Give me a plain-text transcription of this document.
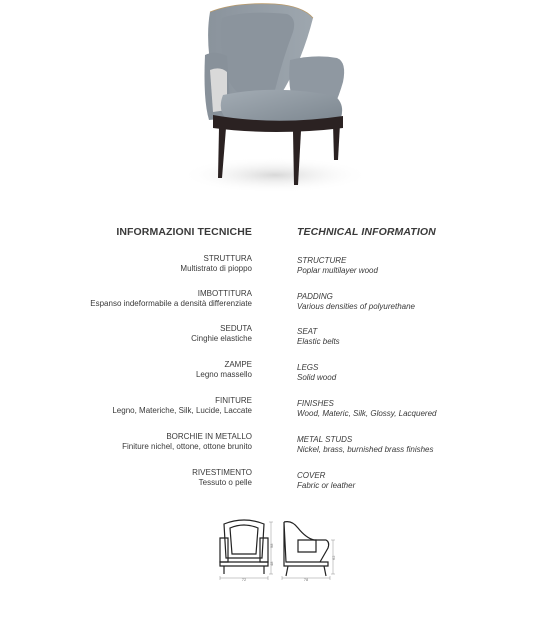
INFORMAZIONI TECNICHE	TECHNICAL INFORMATION
STRUTTURA
Multistrato di pioppo
IMBOTTITURA
Espanso indeformabile a densità differenziate
SEDUTA
Cinghie elastiche
ZAMPE
Legno massello
FINITURE
Legno, Materiche, Silk, Lucide, Laccate
BORCHIE IN METALLO
Finiture nichel, ottone, ottone brunito
RIVESTIMENTO
Tessuto o pelle
STRUCTURE
Poplar multilayer wood
PADDING
Various densities of polyurethane
SEAT
Elastic belts
LEGS
Solid wood
FINISHES
Wood, Materic, Silk, Glossy, Lacquered
METAL STUDS
Nickel, brass, burnished brass finishes
COVER
Fabric or leather
72
98
48
78
62
